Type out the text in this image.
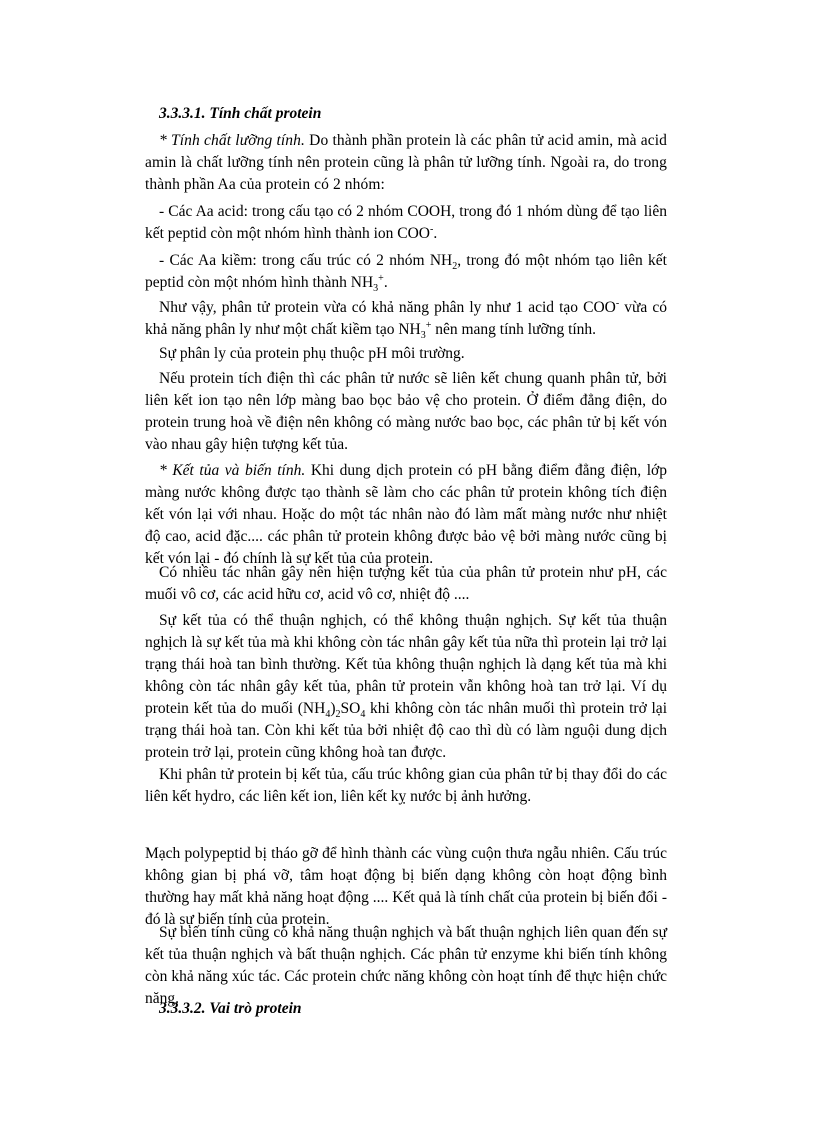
3.3.3.1. Tính chất protein

* Tính chất lưỡng tính. Do thành phần protein là các phân tử acid amin, mà acid amin là chất lưỡng tính nên protein cũng là phân tử lưỡng tính. Ngoài ra, do trong thành phần Aa của protein có 2 nhóm:

- Các Aa acid: trong cấu tạo có 2 nhóm COOH, trong đó 1 nhóm dùng để tạo liên kết peptid còn một nhóm hình thành ion COO-.

- Các Aa kiềm: trong cấu trúc có 2 nhóm $NH_2$, trong đó một nhóm tạo liên kết peptid còn một nhóm hình thành $NH_3^+$.

Như vậy, phân tử protein vừa có khả năng phân ly như 1 acid tạo COO- vừa có khả năng phân ly như một chất kiềm tạo $NH_3^+$ nên mang tính lưỡng tính.

Sự phân ly của protein phụ thuộc pH môi trường.

Nếu protein tích điện thì các phân tử nước sẽ liên kết chung quanh phân tử, bởi liên kết ion tạo nên lớp màng bao bọc bảo vệ cho protein. Ở điểm đẳng điện, do protein trung hoà về điện nên không có màng nước bao bọc, các phân tử bị kết vón vào nhau gây hiện tượng kết tủa.

* Kết tủa và biến tính. Khi dung dịch protein có pH bằng điểm đẳng điện, lớp màng nước không được tạo thành sẽ làm cho các phân tử protein không tích điện kết vón lại với nhau. Hoặc do một tác nhân nào đó làm mất màng nước như nhiệt độ cao, acid đặc.... các phân tử protein không được bảo vệ bởi màng nước cũng bị kết vón lại - đó chính là sự kết tủa của protein.

Có nhiều tác nhân gây nên hiện tượng kết tủa của phân tử protein như pH, các muối vô cơ, các acid hữu cơ, acid vô cơ, nhiệt độ ....

Sự kết tủa có thể thuận nghịch, có thể không thuận nghịch. Sự kết tủa thuận nghịch là sự kết tủa mà khi không còn tác nhân gây kết tủa nữa thì protein lại trở lại trạng thái hoà tan bình thường. Kết tủa không thuận nghịch là dạng kết tủa mà khi không còn tác nhân gây kết tủa, phân tử protein vẫn không hoà tan trở lại. Ví dụ protein kết tủa do muối $(NH_4)_2SO_4$ khi không còn tác nhân muối thì protein trở lại trạng thái hoà tan. Còn khi kết tủa bởi nhiệt độ cao thì dù có làm nguội dung dịch protein trở lại, protein cũng không hoà tan được.

Khi phân tử protein bị kết tủa, cấu trúc không gian của phân tử bị thay đổi do các liên kết hydro, các liên kết ion, liên kết kỵ nước bị ảnh hưởng.

Mạch polypeptid bị tháo gỡ để hình thành các vùng cuộn thưa ngẫu nhiên. Cấu trúc không gian bị phá vỡ, tâm hoạt động bị biến dạng không còn hoạt động bình thường hay mất khả năng hoạt động .... Kết quả là tính chất của protein bị biến đổi - đó là sự biến tính của protein.

Sự biến tính cũng có khả năng thuận nghịch và bất thuận nghịch liên quan đến sự kết tủa thuận nghịch và bất thuận nghịch. Các phân tử enzyme khi biến tính không còn khả năng xúc tác. Các protein chức năng không còn hoạt tính để thực hiện chức năng.

3.3.3.2. Vai trò protein
